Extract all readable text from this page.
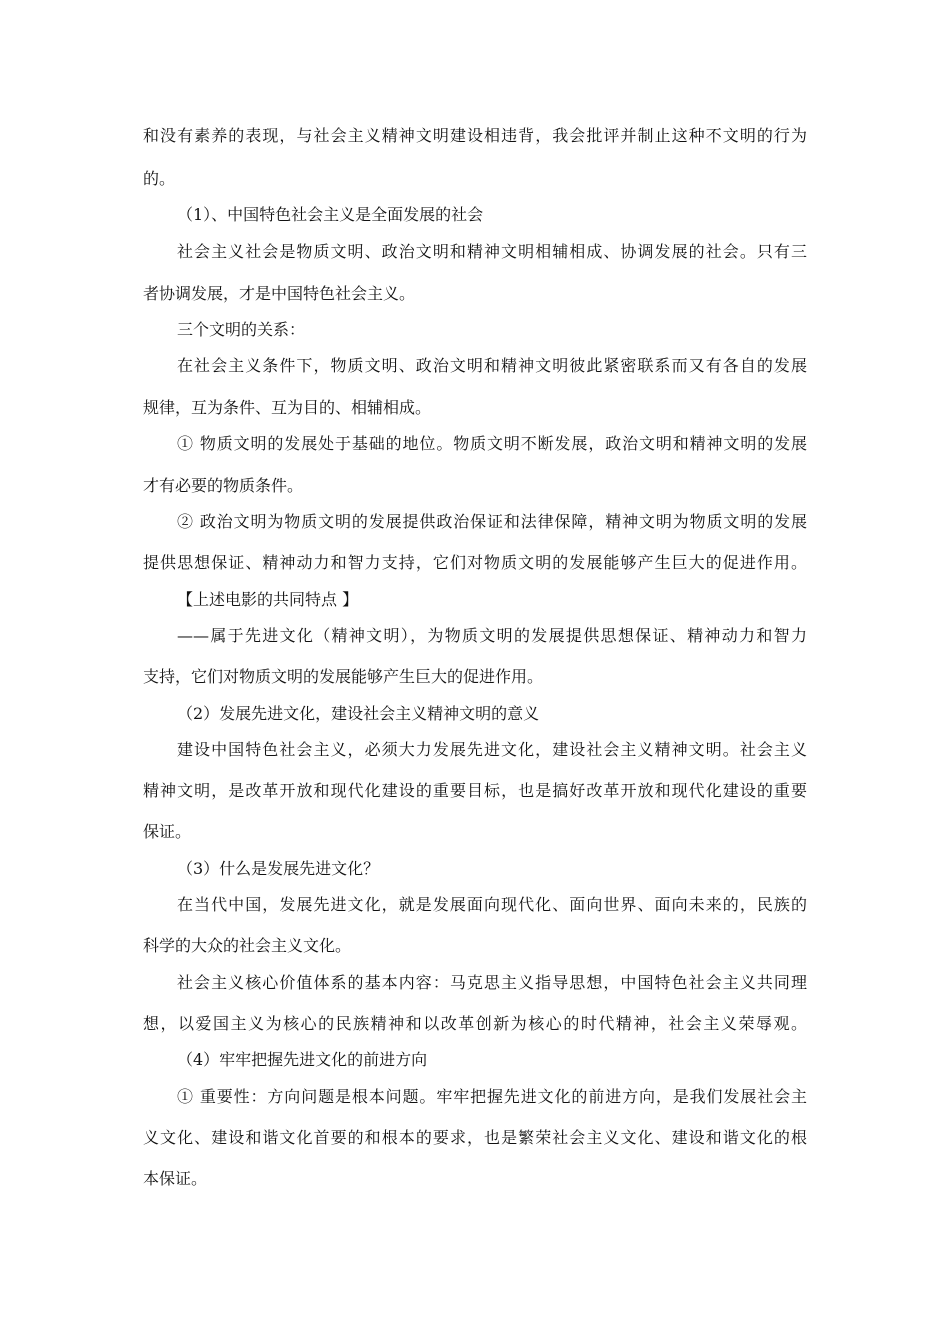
和没有素养的表现，与社会主义精神文明建设相违背，我会批评并制止这种不文明的行为
的。
（1）、中国特色社会主义是全面发展的社会
社会主义社会是物质文明、政治文明和精神文明相辅相成、协调发展的社会。只有三
者协调发展，才是中国特色社会主义。
三个文明的关系：
在社会主义条件下，物质文明、政治文明和精神文明彼此紧密联系而又有各自的发展
规律，互为条件、互为目的、相辅相成。
① 物质文明的发展处于基础的地位。物质文明不断发展，政治文明和精神文明的发展
才有必要的物质条件。
② 政治文明为物质文明的发展提供政治保证和法律保障，精神文明为物质文明的发展
提供思想保证、精神动力和智力支持，它们对物质文明的发展能够产生巨大的促进作用。
【上述电影的共同特点 】
——属于先进文化（精神文明），为物质文明的发展提供思想保证、精神动力和智力
支持，它们对物质文明的发展能够产生巨大的促进作用。
（2）发展先进文化，建设社会主义精神文明的意义
建设中国特色社会主义，必须大力发展先进文化，建设社会主义精神文明。社会主义
精神文明，是改革开放和现代化建设的重要目标，也是搞好改革开放和现代化建设的重要
保证。
（3）什么是发展先进文化？
在当代中国，发展先进文化，就是发展面向现代化、面向世界、面向未来的，民族的
科学的大众的社会主义文化。
社会主义核心价值体系的基本内容：马克思主义指导思想，中国特色社会主义共同理
想，以爱国主义为核心的民族精神和以改革创新为核心的时代精神，社会主义荣辱观。
（4）牢牢把握先进文化的前进方向
① 重要性：方向问题是根本问题。牢牢把握先进文化的前进方向，是我们发展社会主
义文化、建设和谐文化首要的和根本的要求，也是繁荣社会主义文化、建设和谐文化的根
本保证。
